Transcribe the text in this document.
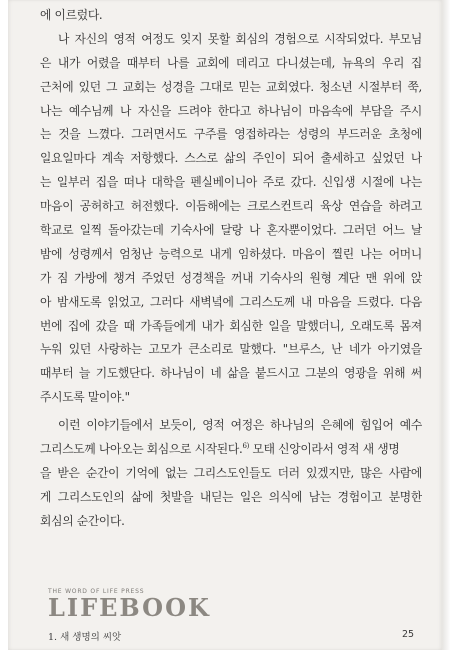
에 이르렀다.
나 자신의 영적 여정도 잊지 못할 회심의 경험으로 시작되었다. 부모님
은 내가 어렸을 때부터 나를 교회에 데리고 다니셨는데, 뉴욕의 우리 집
근처에 있던 그 교회는 성경을 그대로 믿는 교회였다. 청소년 시절부터 쭉,
나는 예수님께 나 자신을 드려야 한다고 하나님이 마음속에 부담을 주시
는 것을 느꼈다. 그러면서도 구주를 영접하라는 성령의 부드러운 초청에
일요일마다 계속 저항했다. 스스로 삶의 주인이 되어 출세하고 싶었던 나
는 일부러 집을 떠나 대학을 펜실베이니아 주로 갔다. 신입생 시절에 나는
마음이 공허하고 허전했다. 이듬해에는 크로스컨트리 육상 연습을 하려고
학교로 일찍 돌아갔는데 기숙사에 달랑 나 혼자뿐이었다. 그러던 어느 날
밤에 성령께서 엄청난 능력으로 내게 임하셨다. 마음이 찔린 나는 어머니
가 짐 가방에 챙겨 주었던 성경책을 꺼내 기숙사의 원형 계단 맨 위에 앉
아 밤새도록 읽었고, 그러다 새벽녘에 그리스도께 내 마음을 드렸다. 다음
번에 집에 갔을 때 가족들에게 내가 회심한 일을 말했더니, 오래도록 몸져
누워 있던 사랑하는 고모가 큰소리로 말했다. "브루스, 난 네가 아기였을
때부터 늘 기도했단다. 하나님이 네 삶을 붙드시고 그분의 영광을 위해 써
주시도록 말이야."
이런 이야기들에서 보듯이, 영적 여정은 하나님의 은혜에 힘입어 예수
그리스도께 나아오는 회심으로 시작된다.$^{6)}$ 모태 신앙이라서 영적 새 생명
을 받은 순간이 기억에 없는 그리스도인들도 더러 있겠지만, 많은 사람에
게 그리스도인의 삶에 첫발을 내딛는 일은 의식에 남는 경험이고 분명한
회심의 순간이다.
THE WORD OF LIFE PRESS
LIFEBOOK
1. 새 생명의 씨앗	25
